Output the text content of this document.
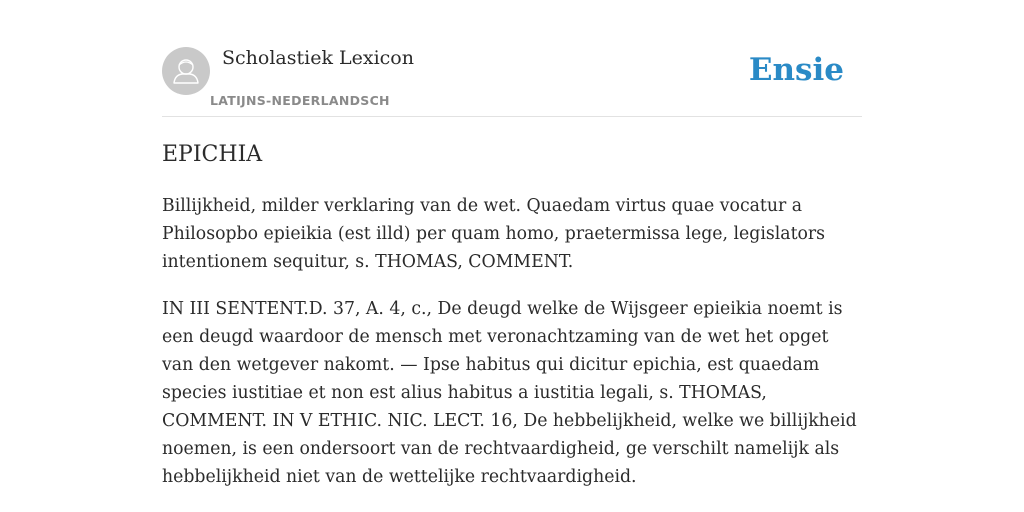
Scholastiek Lexicon
LATIJNS-NEDERLANDSCH
Ensie
EPICHIA

Billijkheid, milder verklaring van de wet. Quaedam virtus quae vocatur a Philosopbo epieikia (est illd) per quam homo, praetermissa lege, legislators intentionem sequitur, s. THOMAS, COMMENT.

IN III SENTENT.D. 37, A. 4, c., De deugd welke de Wijsgeer epieikia noemt is een deugd waardoor de mensch met veronachtzaming van de wet het opget van den wetgever nakomt. — Ipse habitus qui dicitur epichia, est quaedam species iustitiae et non est alius habitus a iustitia legali, s. THOMAS, COMMENT. IN V ETHIC. NIC. LECT. 16, De hebbelijkheid, welke we billijkheid noemen, is een ondersoort van de rechtvaardigheid, ge verschilt namelijk als hebbelijkheid niet van de wettelijke rechtvaardigheid.
